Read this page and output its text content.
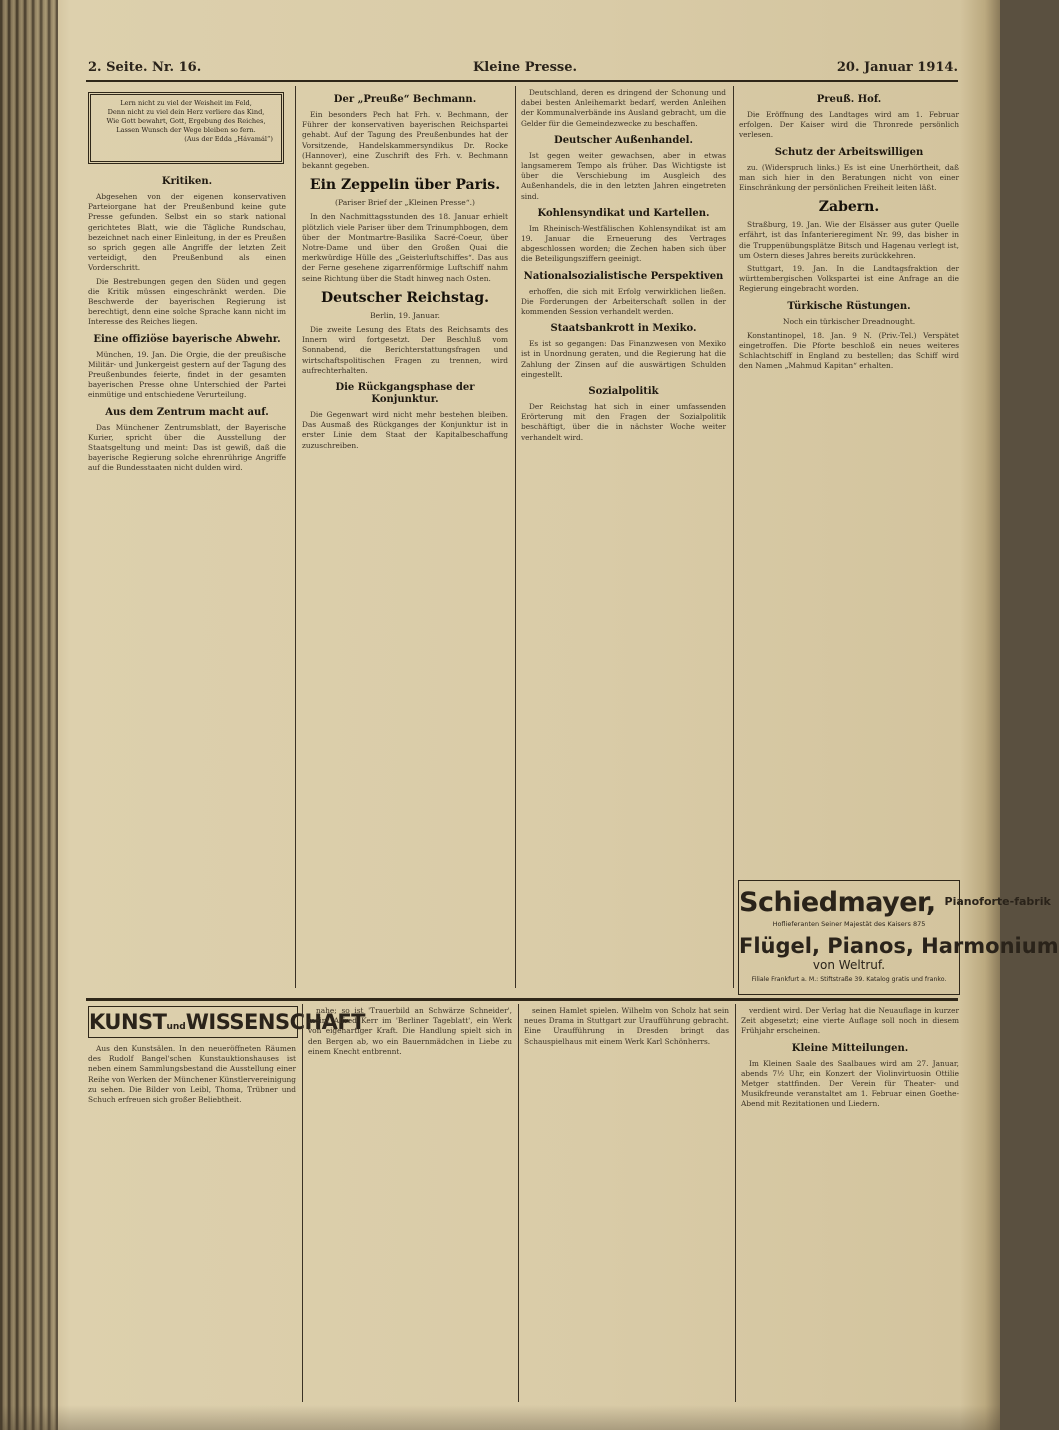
2. Seite. Nr. 16.	Kleine Presse.	20. Januar 1914.
Lern nicht zu viel der Weisheit im Feld,
Denn nicht zu viel dein Herz verliere das Kind,
Wie Gott bewahrt, Gott, Ergebung des Reiches,
Lassen Wunsch der Wege bleiben so fern.
(Aus der Edda „Hávamál“)
Kritiken.

Abgesehen von der eigenen konservativen Parteiorgane hat der Preußenbund keine gute Presse gefunden. Selbst ein so stark national gerichtetes Blatt, wie die Tägliche Rundschau, bezeichnet nach einer Einleitung, in der es Preußen so sprich gegen alle Angriffe der letzten Zeit verteidigt, den Preußenbund als einen Vorderschritt.

Die Bestrebungen gegen den Süden und gegen die Kritik müssen eingeschränkt werden. Die Beschwerde der bayerischen Regierung ist berechtigt, denn eine solche Sprache kann nicht im Interesse des Reiches liegen.

Eine offiziöse bayerische Abwehr.

München, 19. Jan. Die Orgie, die der preußische Militär- und Junkergeist gestern auf der Tagung des Preußenbundes feierte, findet in der gesamten bayerischen Presse ohne Unterschied der Partei einmütige und entschiedene Verurteilung.

Aus dem Zentrum macht auf.

Das Münchener Zentrumsblatt, der Bayerische Kurier, spricht über die Ausstellung der Staatsgeltung und meint: Das ist gewiß, daß die bayerische Regierung solche ehrenrührige Angriffe auf die Bundesstaaten nicht dulden wird.

Der „Preuße“ Bechmann.

Ein besonders Pech hat Frh. v. Bechmann, der Führer der konservativen bayerischen Reichspartei gehabt. Auf der Tagung des Preußenbundes hat der Vorsitzende, Handelskammersyndikus Dr. Rocke (Hannover), eine Zuschrift des Frh. v. Bechmann bekannt gegeben.

Ein Zeppelin über Paris.
(Pariser Brief der „Kleinen Presse“.)

In den Nachmittagsstunden des 18. Januar erhielt plötzlich viele Pariser über dem Trinumphbogen, dem über der Montmartre-Basilika Sacré-Coeur, über Notre-Dame und über den Großen Quai die merkwürdige Hülle des „Geisterluftschiffes“. Das aus der Ferne gesehene zigarrenförmige Luftschiff nahm seine Richtung über die Stadt hinweg nach Osten.

Deutscher Reichstag.
Berlin, 19. Januar.

Die zweite Lesung des Etats des Reichsamts des Innern wird fortgesetzt. Der Beschluß vom Sonnabend, die Berichterstattungsfragen und wirtschaftspolitischen Fragen zu trennen, wird aufrechterhalten.

Die Rückgangsphase der Konjunktur.

Die Gegenwart wird nicht mehr bestehen bleiben. Das Ausmaß des Rückganges der Konjunktur ist in erster Linie dem Staat der Kapitalbeschaffung zuzuschreiben.

Deutschland, deren es dringend der Schonung und dabei besten Anleihemarkt bedarf, werden Anleihen der Kommunalverbände ins Ausland gebracht, um die Gelder für die Gemeindezwecke zu beschaffen.

Deutscher Außenhandel.

Ist gegen weiter gewachsen, aber in etwas langsamerem Tempo als früher. Das Wichtigste ist über die Verschiebung im Ausgleich des Außenhandels, die in den letzten Jahren eingetreten sind.

Kohlensyndikat und Kartellen.

Im Rheinisch-Westfälischen Kohlensyndikat ist am 19. Januar die Erneuerung des Vertrages abgeschlossen worden; die Zechen haben sich über die Beteiligungsziffern geeinigt.

Nationalsozialistische Perspektiven

erhoffen, die sich mit Erfolg verwirklichen ließen. Die Forderungen der Arbeiterschaft sollen in der kommenden Session verhandelt werden.

Staatsbankrott in Mexiko.

Es ist so gegangen: Das Finanzwesen von Mexiko ist in Unordnung geraten, und die Regierung hat die Zahlung der Zinsen auf die auswärtigen Schulden eingestellt.

Sozialpolitik

Der Reichstag hat sich in einer umfassenden Erörterung mit den Fragen der Sozialpolitik beschäftigt, über die in nächster Woche weiter verhandelt wird.

Preuß. Hof.

Die Eröffnung des Landtages wird am 1. Februar erfolgen. Der Kaiser wird die Thronrede persönlich verlesen.

Schutz der Arbeitswilligen

zu. (Widerspruch links.) Es ist eine Unerhörtheit, daß man sich hier in den Beratungen nicht von einer Einschränkung der persönlichen Freiheit leiten läßt.

Zabern.

Straßburg, 19. Jan. Wie der Elsässer aus guter Quelle erfährt, ist das Infanterieregiment Nr. 99, das bisher in die Truppenübungsplätze Bitsch und Hagenau verlegt ist, um Ostern dieses Jahres bereits zurückkehren.

Stuttgart, 19. Jan. In die Landtagsfraktion der württembergischen Volkspartei ist eine Anfrage an die Regierung eingebracht worden.

Türkische Rüstungen.
Noch ein türkischer Dreadnought.

Konstantinopel, 18. Jan. 9 N. (Priv.-Tel.) Verspätet eingetroffen. Die Pforte beschloß ein neues weiteres Schlachtschiff in England zu bestellen; das Schiff wird den Namen „Mahmud Kapitan“ erhalten.

Schiedmayer, $^{Pianoforte-fabrik}$
Hoflieferanten Seiner Majestät des Kaisers 875
Flügel, Pianos, Harmonium
von Weltruf.
Filiale Frankfurt a. M.: Stiftstraße 39. Katalog gratis und franko.
KUNSTundWISSENSCHAFT

Aus den Kunstsälen. In den neueröffneten Räumen des Rudolf Bangel'schen Kunstauktionshauses ist neben einem Sammlungsbestand die Ausstellung einer Reihe von Werken der Münchener Künstlervereinigung zu sehen. Die Bilder von Leibl, Thoma, Trübner und Schuch erfreuen sich großer Beliebtheit.

nahe; so ist 'Trauerbild an Schwärze Schneider', meint Alfred Kerr im 'Berliner Tageblatt', ein Werk von eigenartiger Kraft. Die Handlung spielt sich in den Bergen ab, wo ein Bauernmädchen in Liebe zu einem Knecht entbrennt.

seinen Hamlet spielen. Wilhelm von Scholz hat sein neues Drama in Stuttgart zur Uraufführung gebracht. Eine Uraufführung in Dresden bringt das Schauspielhaus mit einem Werk Karl Schönherrs.

verdient wird. Der Verlag hat die Neuauflage in kurzer Zeit abgesetzt; eine vierte Auflage soll noch in diesem Frühjahr erscheinen.

Kleine Mitteilungen.

Im Kleinen Saale des Saalbaues wird am 27. Januar, abends 7½ Uhr, ein Konzert der Violinvirtuosin Ottilie Metger stattfinden. Der Verein für Theater- und Musikfreunde veranstaltet am 1. Februar einen Goethe-Abend mit Rezitationen und Liedern.
